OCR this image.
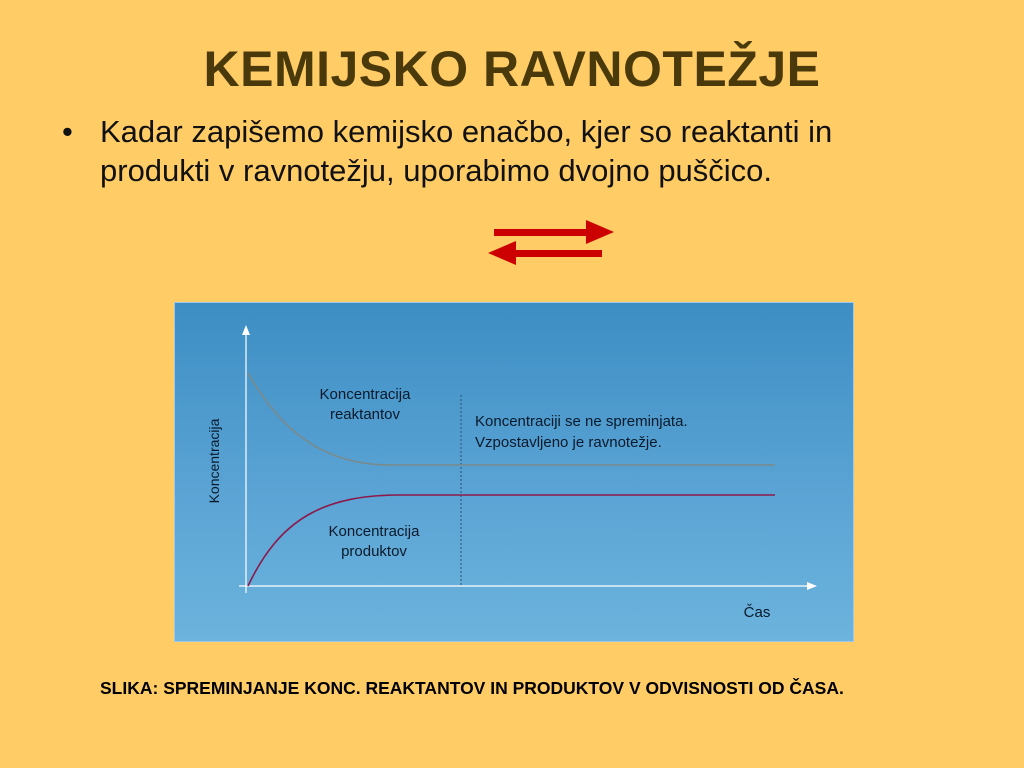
KEMIJSKO RAVNOTEŽJE
• Kadar zapišemo kemijsko enačbo, kjer so reaktanti in produkti v ravnotežju, uporabimo dvojno puščico.
Koncentracija
Čas
Koncentracija
reaktantov
Koncentracija
produktov
Koncentraciji se ne spreminjata.
Vzpostavljeno je ravnotežje.
SLIKA: SPREMINJANJE KONC. REAKTANTOV IN PRODUKTOV V ODVISNOSTI OD ČASA.
